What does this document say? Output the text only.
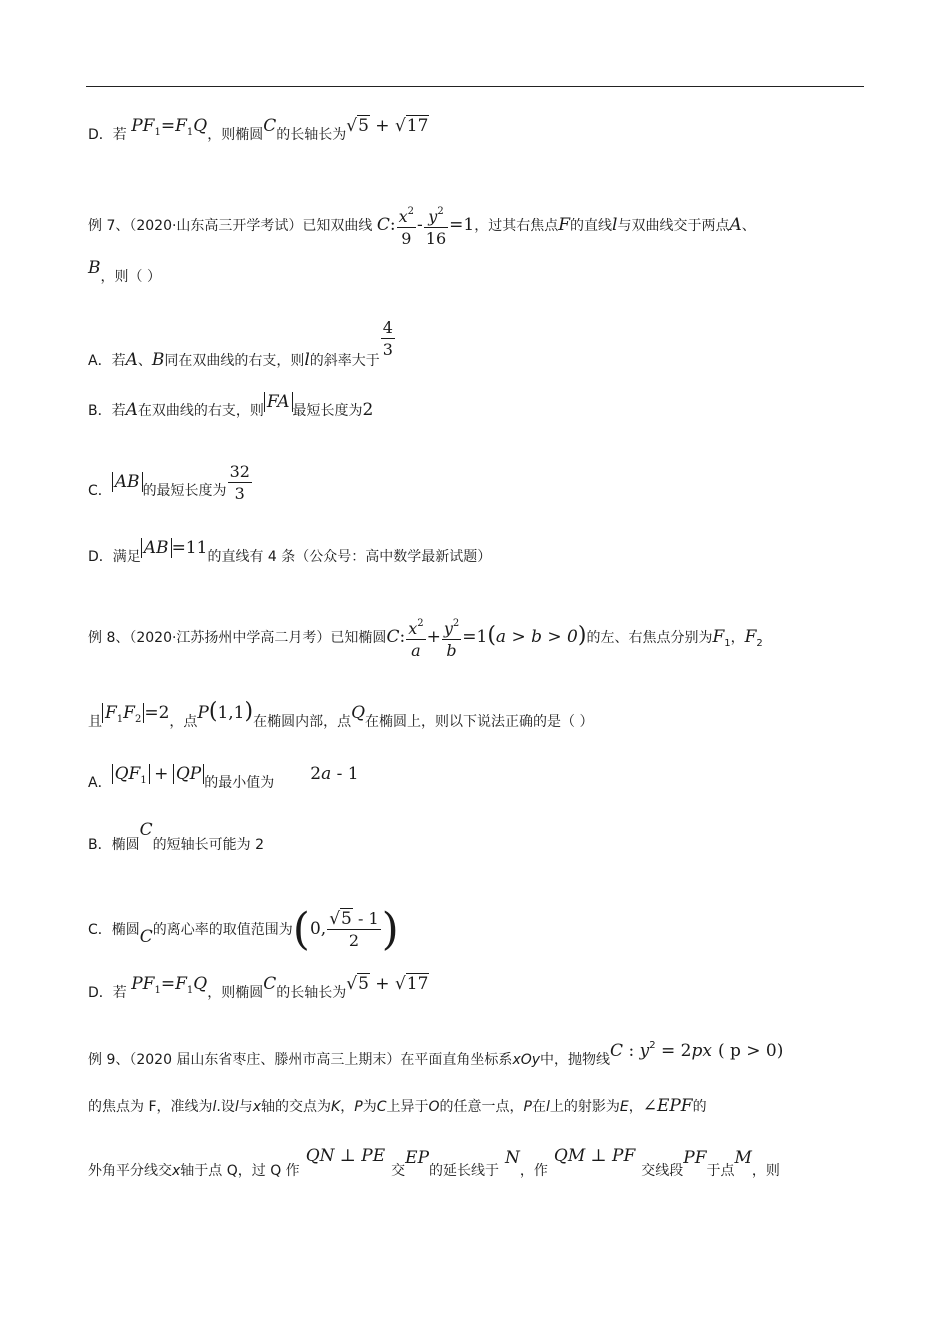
D．若 $PF_1=F_1Q$，则椭圆C的长轴长为√5 + √17
例 7、（2020·山东高三开学考试）已知双曲线 C: $\frac{x^2}{9} - \frac{y^2}{16} =1$，过其右焦点F的直线l与双曲线交于两点A、
B，则（ ）
A．若A、B同在双曲线的右支，则l的斜率大于 $\frac{4}{3}$
B．若A在双曲线的右支，则 FA 最短长度为2
C． AB 的最短长度为 $\frac{32}{3}$
D．满足 AB =11的直线有 4 条（公众号：高中数学最新试题）
例 8、（2020·江苏扬州中学高二月考）已知椭圆C: $\frac{x^2}{a} + \frac{y^2}{b} =1(a > b > 0)$的左、右焦点分别为$F_1$，$F_2$
且 $F_1F_2 =2$，点P(1,1)在椭圆内部，点Q在椭圆上，则以下说法正确的是（ ）
A． $QF_1$ + QP 的最小值为 2a - 1
B．椭圆C的短轴长可能为 2
C．椭圆C的离心率的取值范围为(0, $\frac{√5 - 1}{2}$ )
D．若 $PF_1=F_1Q$，则椭圆C的长轴长为√5 + √17
例 9、（2020 届山东省枣庄、滕州市高三上期末）在平面直角坐标系xOy中，抛物线C : $y^2 = 2px$ ( p > 0)
的焦点为 F，准线为l.设l与x轴的交点为K，P为C上异于O的任意一点，P在l上的射影为E，∠EPF的
外角平分线交x轴于点 Q，过 Q 作QN ⊥ PE交EP的延长线于N，作QM ⊥ PF交线段PF于点M，则
